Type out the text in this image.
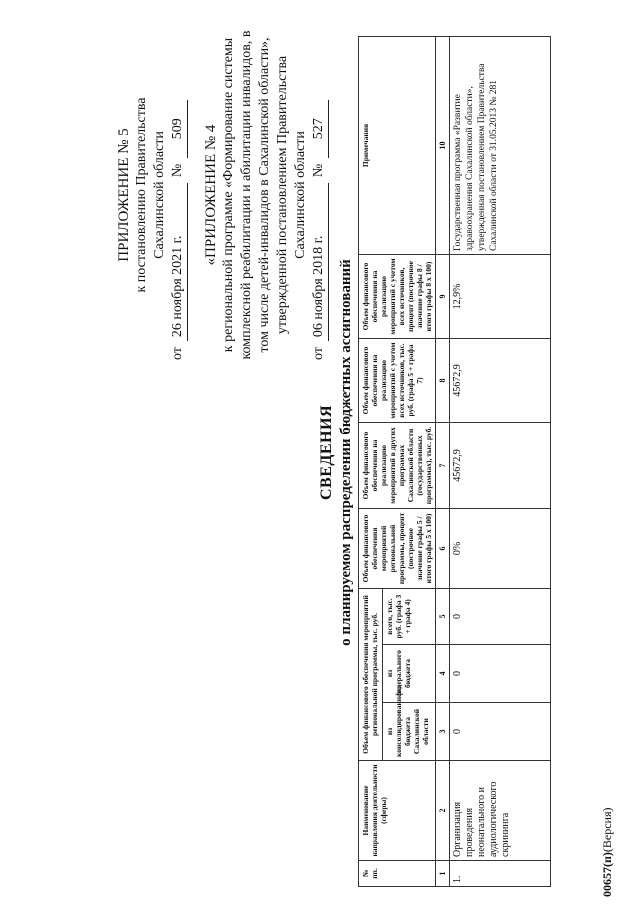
ПРИЛОЖЕНИЕ № 5 к постановлению Правительства Сахалинской области
от
26 ноября 2021 г.
№
509 «ПРИЛОЖЕНИЕ № 4 к региональной программе «Формирование системы комплексной реабилитации и абилитации инвалидов, в том числе детей-инвалидов в Сахалинской области», утвержденной постановлением Правительства Сахалинской области
от
06 ноября 2018 г.
№
527
СВЕДЕНИЯ о планируемом распределении бюджетных ассигнований
№ пп.	Наименование направления деятельности (сферы)	Объем финансового обеспечения мероприятий региональной программы, тыс. руб.			Объем финансового обеспечения мероприятий региональной программы, процент (построчное значение графы 5 / итого графы 5 х 100)	Объем финансового обеспечения на реализацию мероприятий в других программах Сахалинской области (государственных программах), тыс. руб.	Объем финансового обеспечения на реализацию мероприятий с учетом всех источников, тыс. руб. (графа 5 + графа 7)	Объем финансового обеспечения на реализацию мероприятий с учетом всех источников, процент (построчное значение графы 8 / итого графы 8 х 100)	Примечания
		из консолидированного бюджета Сахалинской области	из федерального бюджета	всего, тыс. руб. (графа 3 + графа 4)					
1	2	3	4	5	6	7	8	9	10
1.	Организация проведения неонатального и аудиологического скрининга	0	0	0	0%	45672,9	45672,9	12,9%	Государственная программа «Развитие здравоохранения Сахалинской области», утвержденная постановлением Правительства Сахалинской области от 31.05.2013 № 281
00657(п)(Версия)
